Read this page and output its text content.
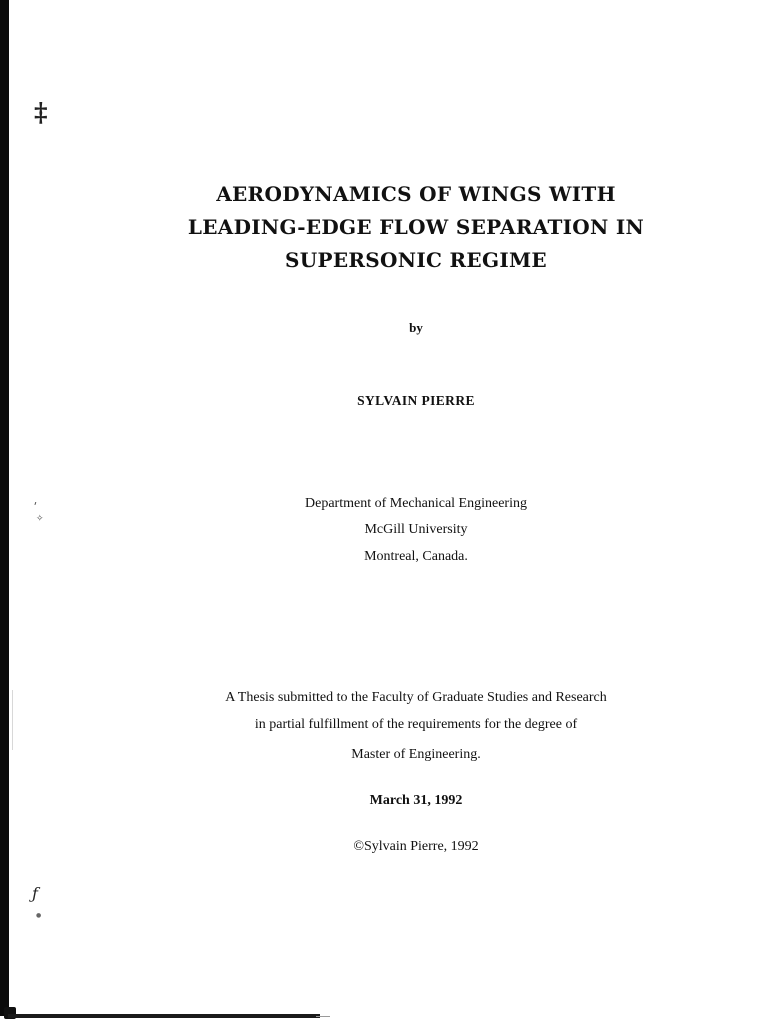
‡
⸴
✧
ƒ
●
AERODYNAMICS OF WINGS WITH
LEADING-EDGE FLOW SEPARATION IN
SUPERSONIC REGIME
by
SYLVAIN PIERRE
Department of Mechanical Engineering
McGill University
Montreal, Canada.
A Thesis submitted to the Faculty of Graduate Studies and Research
in partial fulfillment of the requirements for the degree of
Master of Engineering.
March 31, 1992
©Sylvain Pierre, 1992
